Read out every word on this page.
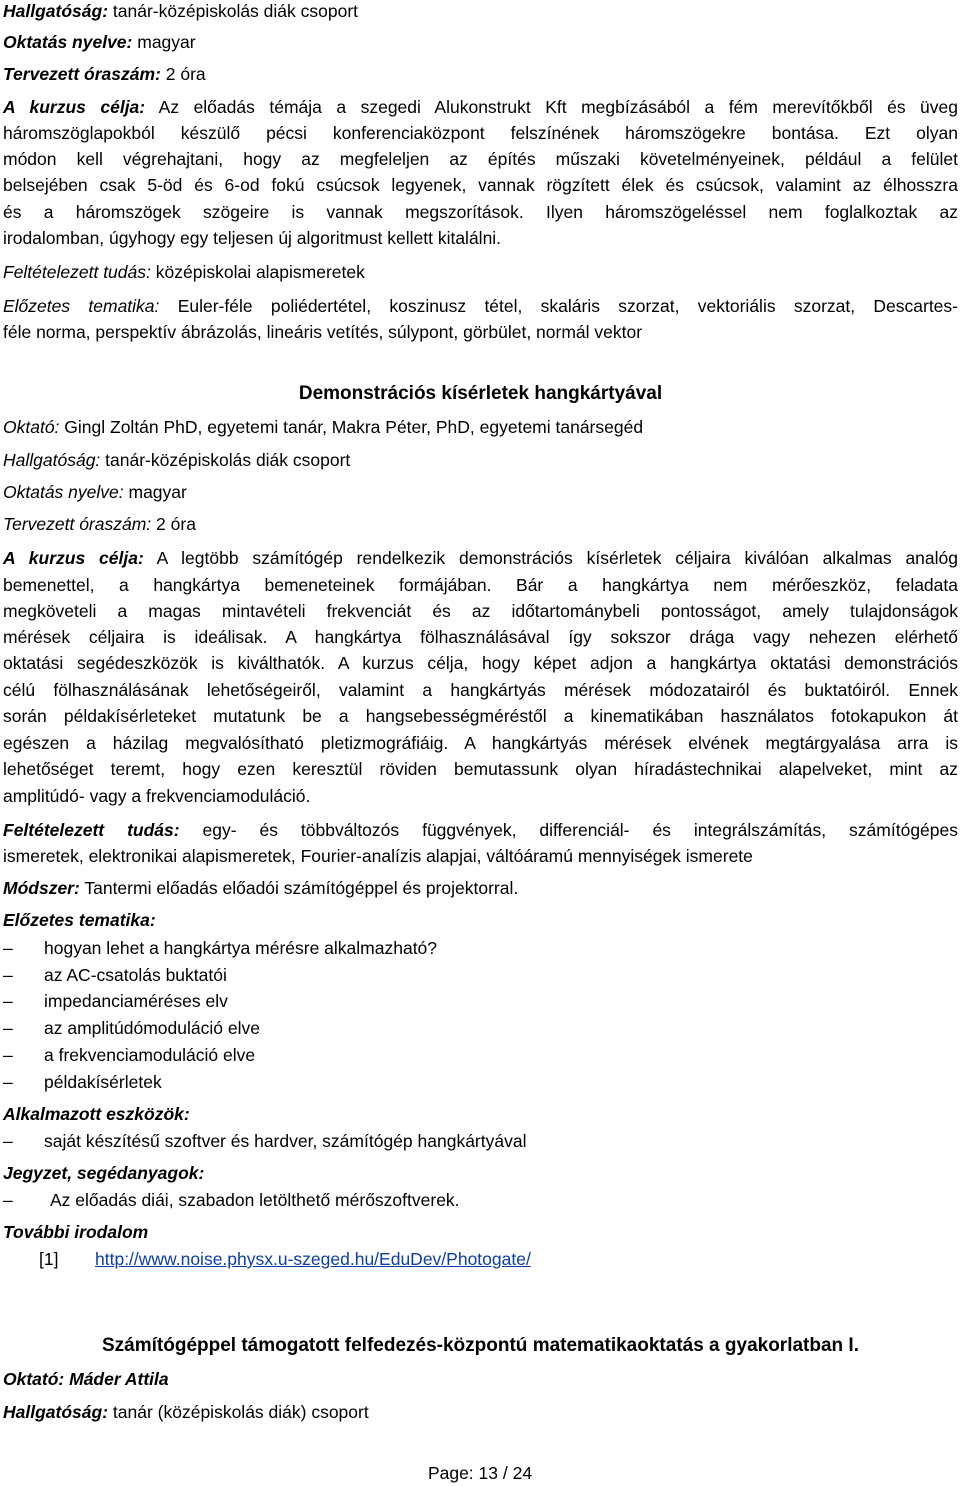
Hallgatóság: tanár-középiskolás diák csoport
Oktatás nyelve: magyar
Tervezett óraszám: 2 óra
A kurzus célja: Az előadás témája a szegedi Alukonstrukt Kft megbízásából a fém merevítőkből és üveg
háromszöglapokból készülő pécsi konferenciaközpont felszínének háromszögekre bontása. Ezt olyan
módon kell végrehajtani, hogy az megfeleljen az építés műszaki követelményeinek, például a felület
belsejében csak 5-öd és 6-od fokú csúcsok legyenek, vannak rögzített élek és csúcsok, valamint az élhosszra
és a háromszögek szögeire is vannak megszorítások. Ilyen háromszögeléssel nem foglalkoztak az
irodalomban, úgyhogy egy teljesen új algoritmust kellett kitalálni.
Feltételezett tudás: középiskolai alapismeretek
Előzetes tematika: Euler-féle poliédertétel, koszinusz tétel, skaláris szorzat, vektoriális szorzat, Descartes-
féle norma, perspektív ábrázolás, lineáris vetítés, súlypont, görbület, normál vektor
Demonstrációs kísérletek hangkártyával
Oktató: Gingl Zoltán PhD, egyetemi tanár, Makra Péter, PhD, egyetemi tanársegéd
Hallgatóság: tanár-középiskolás diák csoport
Oktatás nyelve: magyar
Tervezett óraszám: 2 óra
A kurzus célja: A legtöbb számítógép rendelkezik demonstrációs kísérletek céljaira kiválóan alkalmas analóg
bemenettel, a hangkártya bemeneteinek formájában. Bár a hangkártya nem mérőeszköz, feladata
megköveteli a magas mintavételi frekvenciát és az időtartománybeli pontosságot, amely tulajdonságok
mérések céljaira is ideálisak. A hangkártya fölhasználásával így sokszor drága vagy nehezen elérhető
oktatási segédeszközök is kiválthatók. A kurzus célja, hogy képet adjon a hangkártya oktatási demonstrációs
célú fölhasználásának lehetőségeiről, valamint a hangkártyás mérések módozatairól és buktatóiról. Ennek
során példakísérleteket mutatunk be a hangsebességméréstől a kinematikában használatos fotokapukon át
egészen a házilag megvalósítható pletizmográfiáig. A hangkártyás mérések elvének megtárgyalása arra is
lehetőséget teremt, hogy ezen keresztül röviden bemutassunk olyan híradástechnikai alapelveket, mint az
amplitúdó- vagy a frekvenciamoduláció.
Feltételezett tudás: egy- és többváltozós függvények, differenciál- és integrálszámítás, számítógépes
ismeretek, elektronikai alapismeretek, Fourier-analízis alapjai, váltóáramú mennyiségek ismerete
Módszer: Tantermi előadás előadói számítógéppel és projektorral.
Előzetes tematika:
–	hogyan lehet a hangkártya mérésre alkalmazható?
–	az AC-csatolás buktatói
–	impedanciaméréses elv
–	az amplitúdómoduláció elve
–	a frekvenciamoduláció elve
–	példakísérletek
Alkalmazott eszközök:
–	saját készítésű szoftver és hardver, számítógép hangkártyával
Jegyzet, segédanyagok:
–	Az előadás diái, szabadon letölthető mérőszoftverek.
További irodalom
[1] http://www.noise.physx.u-szeged.hu/EduDev/Photogate/
Számítógéppel támogatott felfedezés-központú matematikaoktatás a gyakorlatban I.
Oktató: Máder Attila
Hallgatóság: tanár (középiskolás diák) csoport
Page: 13 / 24
